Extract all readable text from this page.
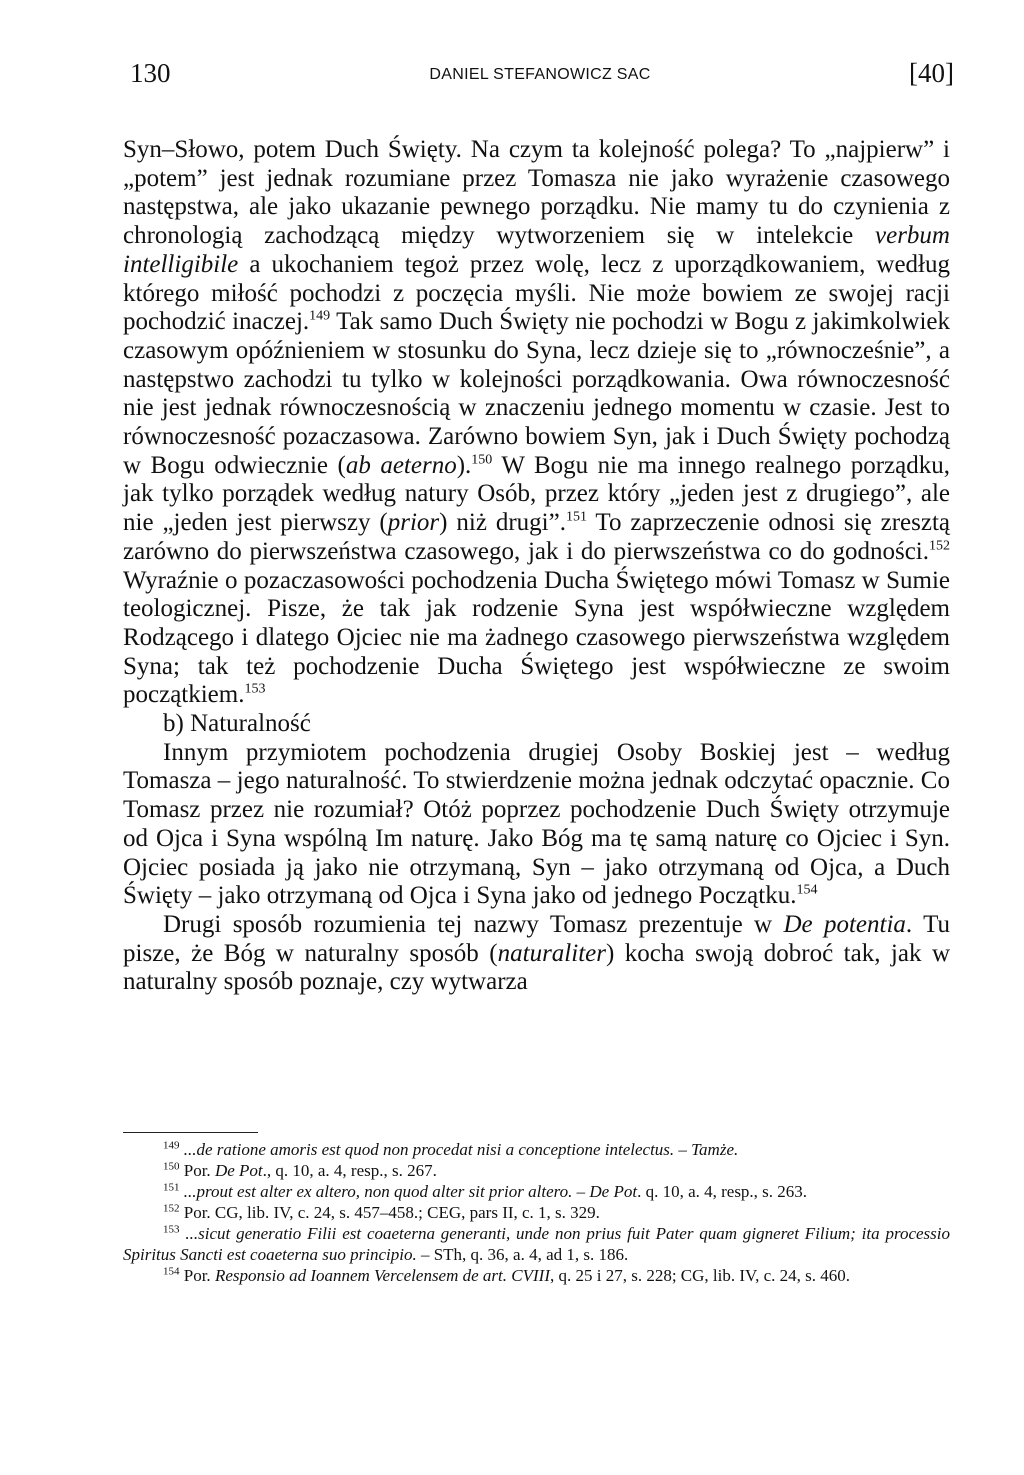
130	DANIEL STEFANOWICZ SAC	[40]

Syn–Słowo, potem Duch Święty. Na czym ta kolejność polega? To „najpierw” i „potem” jest jednak rozumiane przez Tomasza nie jako wyrażenie czasowego następstwa, ale jako ukazanie pewnego porządku. Nie mamy tu do czynienia z chronologią zachodzącą między wytworzeniem się w intelekcie verbum intelligibile a ukochaniem tegoż przez wolę, lecz z uporządkowaniem, według którego miłość pochodzi z poczęcia myśli. Nie może bowiem ze swojej racji pochodzić inaczej.$^{149}$ Tak samo Duch Święty nie pochodzi w Bogu z jakimkolwiek czasowym opóźnieniem w stosunku do Syna, lecz dzieje się to „równocześnie”, a następstwo zachodzi tu tylko w kolejności porządkowania. Owa równoczesność nie jest jednak równoczesnością w znaczeniu jednego momentu w czasie. Jest to równoczesność pozaczasowa. Zarówno bowiem Syn, jak i Duch Święty pochodzą w Bogu odwiecznie (ab aeterno).$^{150}$ W Bogu nie ma innego realnego porządku, jak tylko porządek według natury Osób, przez który „jeden jest z drugiego”, ale nie „jeden jest pierwszy (prior) niż drugi”.$^{151}$ To zaprzeczenie odnosi się zresztą zarówno do pierwszeństwa czasowego, jak i do pierwszeństwa co do godności.$^{152}$ Wyraźnie o pozaczasowości pochodzenia Ducha Świętego mówi Tomasz w Sumie teologicznej. Pisze, że tak jak rodzenie Syna jest współwieczne względem Rodzącego i dlatego Ojciec nie ma żadnego czasowego pierwszeństwa względem Syna; tak też pochodzenie Ducha Świętego jest współwieczne ze swoim początkiem.$^{153}$

b) Naturalność

Innym przymiotem pochodzenia drugiej Osoby Boskiej jest – według Tomasza – jego naturalność. To stwierdzenie można jednak odczytać opacznie. Co Tomasz przez nie rozumiał? Otóż poprzez pochodzenie Duch Święty otrzymuje od Ojca i Syna wspólną Im naturę. Jako Bóg ma tę samą naturę co Ojciec i Syn. Ojciec posiada ją jako nie otrzymaną, Syn – jako otrzymaną od Ojca, a Duch Święty – jako otrzymaną od Ojca i Syna jako od jednego Początku.$^{154}$

Drugi sposób rozumienia tej nazwy Tomasz prezentuje w De potentia. Tu pisze, że Bóg w naturalny sposób (naturaliter) kocha swoją dobroć tak, jak w naturalny sposób poznaje, czy wytwarza

$^{149}$ ...de ratione amoris est quod non procedat nisi a conceptione intelectus. – Tamże.

$^{150}$ Por. De Pot., q. 10, a. 4, resp., s. 267.

$^{151}$ ...prout est alter ex altero, non quod alter sit prior altero. – De Pot. q. 10, a. 4, resp., s. 263.

$^{152}$ Por. CG, lib. IV, c. 24, s. 457–458.; CEG, pars II, c. 1, s. 329.

$^{153}$ ...sicut generatio Filii est coaeterna generanti, unde non prius fuit Pater quam gigneret Filium; ita processio Spiritus Sancti est coaeterna suo principio. – STh, q. 36, a. 4, ad 1, s. 186.

$^{154}$ Por. Responsio ad Ioannem Vercelensem de art. CVIII, q. 25 i 27, s. 228; CG, lib. IV, c. 24, s. 460.
